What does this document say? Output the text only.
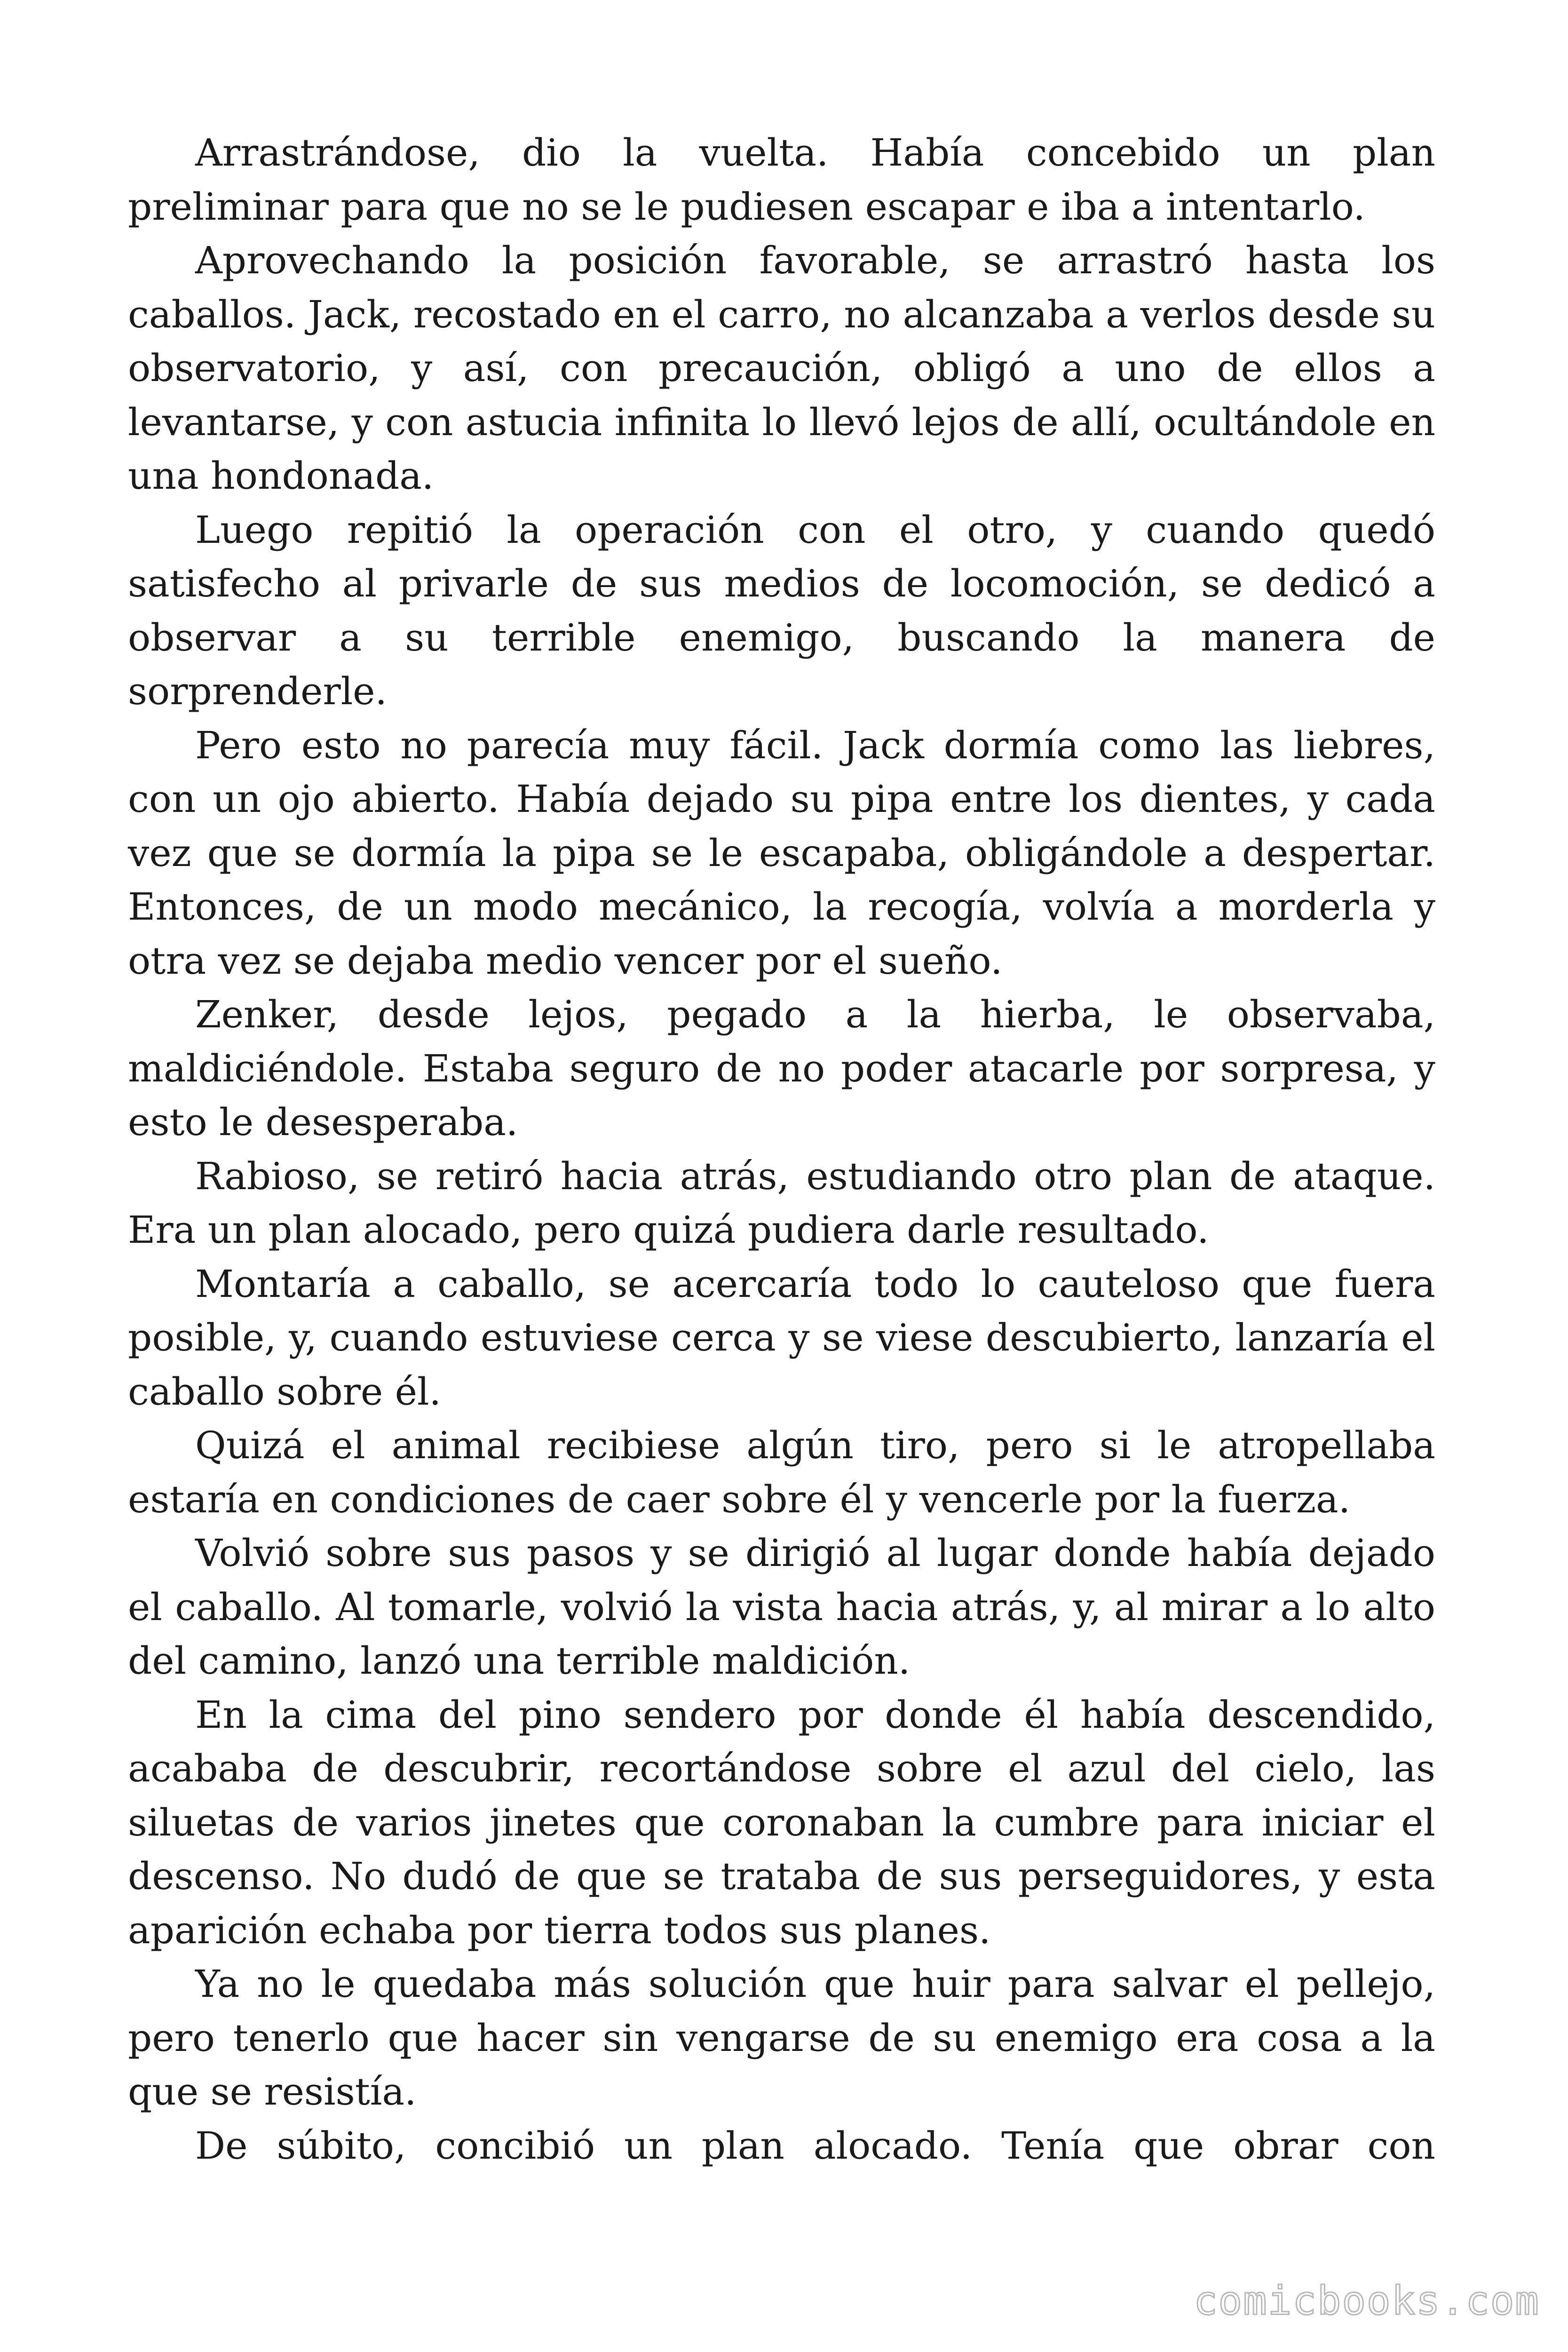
Arrastrándose, dio la vuelta. Había concebido un plan preliminar para que no se le pudiesen escapar e iba a intentarlo.

Aprovechando la posición favorable, se arrastró hasta los caballos. Jack, recostado en el carro, no alcanzaba a verlos desde su observatorio, y así, con precaución, obligó a uno de ellos a levantarse, y con astucia infinita lo llevó lejos de allí, ocultándole en una hondonada.

Luego repitió la operación con el otro, y cuando quedó satisfecho al privarle de sus medios de locomoción, se dedicó a observar a su terrible enemigo, buscando la manera de sorprenderle.

Pero esto no parecía muy fácil. Jack dormía como las liebres, con un ojo abierto. Había dejado su pipa entre los dientes, y cada vez que se dormía la pipa se le escapaba, obligándole a despertar. Entonces, de un modo mecánico, la recogía, volvía a morderla y otra vez se dejaba medio vencer por el sueño.

Zenker, desde lejos, pegado a la hierba, le observaba, maldiciéndole. Estaba seguro de no poder atacarle por sorpresa, y esto le desesperaba.

Rabioso, se retiró hacia atrás, estudiando otro plan de ataque. Era un plan alocado, pero quizá pudiera darle resultado.

Montaría a caballo, se acercaría todo lo cauteloso que fuera posible, y, cuando estuviese cerca y se viese descubierto, lanzaría el caballo sobre él.

Quizá el animal recibiese algún tiro, pero si le atropellaba estaría en condiciones de caer sobre él y vencerle por la fuerza.

Volvió sobre sus pasos y se dirigió al lugar donde había dejado el caballo. Al tomarle, volvió la vista hacia atrás, y, al mirar a lo alto del camino, lanzó una terrible maldición.

En la cima del pino sendero por donde él había descendido, acababa de descubrir, recortándose sobre el azul del cielo, las siluetas de varios jinetes que coronaban la cumbre para iniciar el descenso. No dudó de que se trataba de sus perseguidores, y esta aparición echaba por tierra todos sus planes.

Ya no le quedaba más solución que huir para salvar el pellejo, pero tenerlo que hacer sin vengarse de su enemigo era cosa a la que se resistía.

De súbito, concibió un plan alocado. Tenía que obrar con

comicbooks.com
